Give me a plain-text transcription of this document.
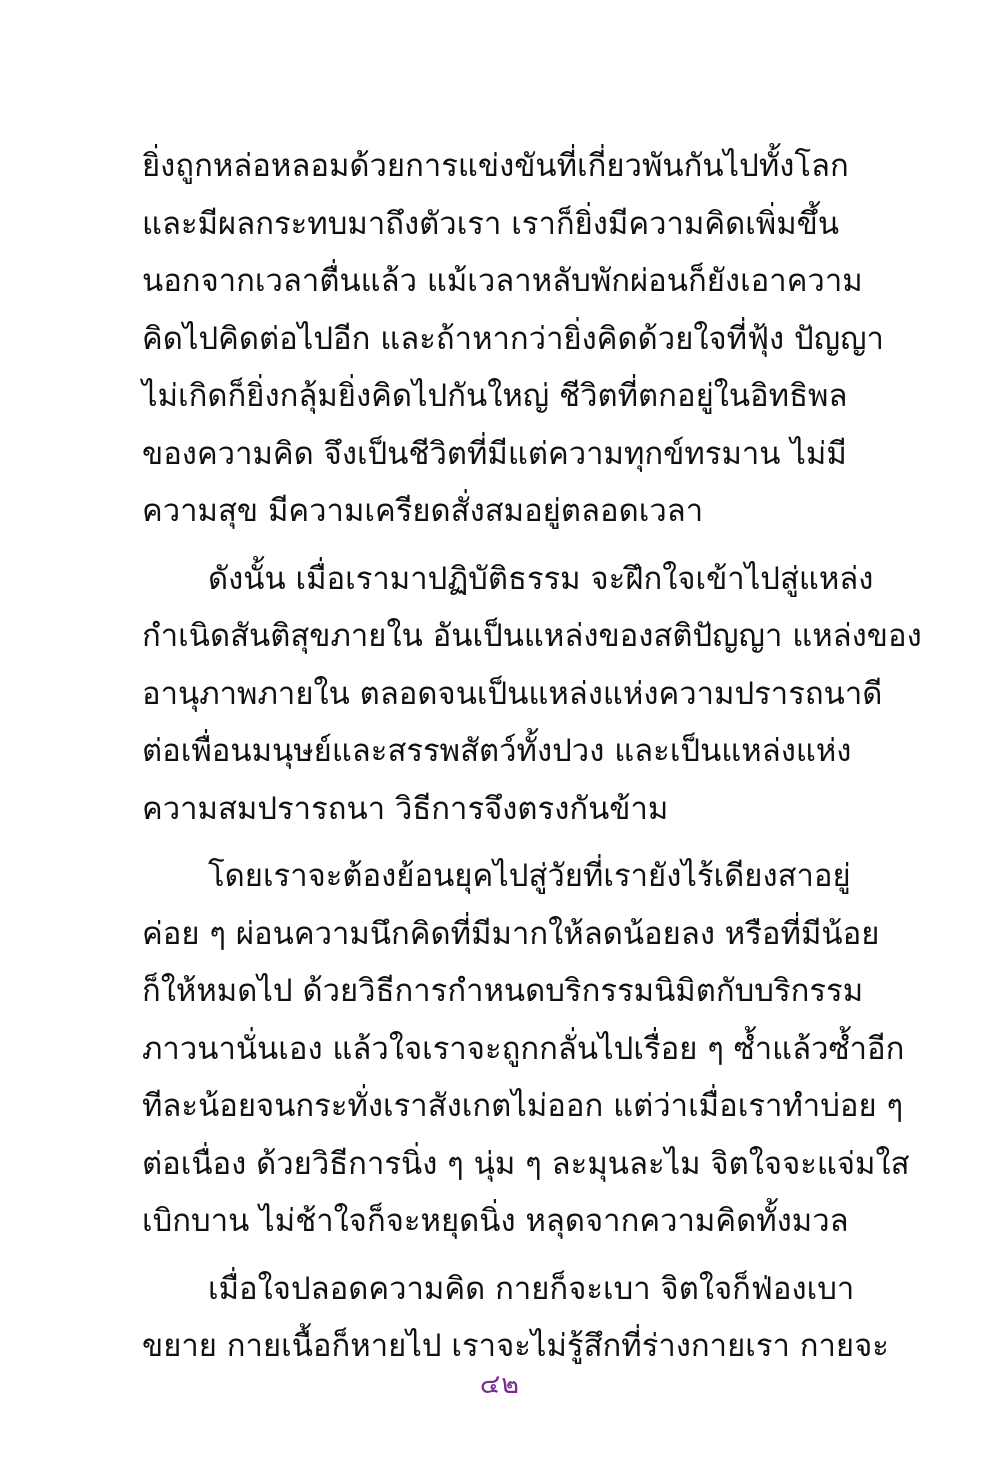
ยิ่งถูกหล่อหลอมด้วยการแข่งขันที่เกี่ยวพันกันไปทั้งโลก
และมีผลกระทบมาถึงตัวเรา เราก็ยิ่งมีความคิดเพิ่มขึ้น
นอกจากเวลาตื่นแล้ว แม้เวลาหลับพักผ่อนก็ยังเอาความ
คิดไปคิดต่อไปอีก และถ้าหากว่ายิ่งคิดด้วยใจที่ฟุ้ง ปัญญา
ไม่เกิดก็ยิ่งกลุ้มยิ่งคิดไปกันใหญ่ ชีวิตที่ตกอยู่ในอิทธิพล
ของความคิด จึงเป็นชีวิตที่มีแต่ความทุกข์ทรมาน ไม่มี
ความสุข มีความเครียดสั่งสมอยู่ตลอดเวลา
ดังนั้น เมื่อเรามาปฏิบัติธรรม จะฝึกใจเข้าไปสู่แหล่ง
กำเนิดสันติสุขภายใน อันเป็นแหล่งของสติปัญญา แหล่งของ
อานุภาพภายใน ตลอดจนเป็นแหล่งแห่งความปรารถนาดี
ต่อเพื่อนมนุษย์และสรรพสัตว์ทั้งปวง และเป็นแหล่งแห่ง
ความสมปรารถนา วิธีการจึงตรงกันข้าม
โดยเราจะต้องย้อนยุคไปสู่วัยที่เรายังไร้เดียงสาอยู่
ค่อย ๆ ผ่อนความนึกคิดที่มีมากให้ลดน้อยลง หรือที่มีน้อย
ก็ให้หมดไป ด้วยวิธีการกำหนดบริกรรมนิมิตกับบริกรรม
ภาวนานั่นเอง แล้วใจเราจะถูกกลั่นไปเรื่อย ๆ ซ้ำแล้วซ้ำอีก
ทีละน้อยจนกระทั่งเราสังเกตไม่ออก แต่ว่าเมื่อเราทำบ่อย ๆ
ต่อเนื่อง ด้วยวิธีการนิ่ง ๆ นุ่ม ๆ ละมุนละไม จิตใจจะแจ่มใส
เบิกบาน ไม่ช้าใจก็จะหยุดนิ่ง หลุดจากความคิดทั้งมวล
เมื่อใจปลอดความคิด กายก็จะเบา จิตใจก็ฟ่องเบา
ขยาย กายเนื้อก็หายไป เราจะไม่รู้สึกที่ร่างกายเรา กายจะ
๔๒
